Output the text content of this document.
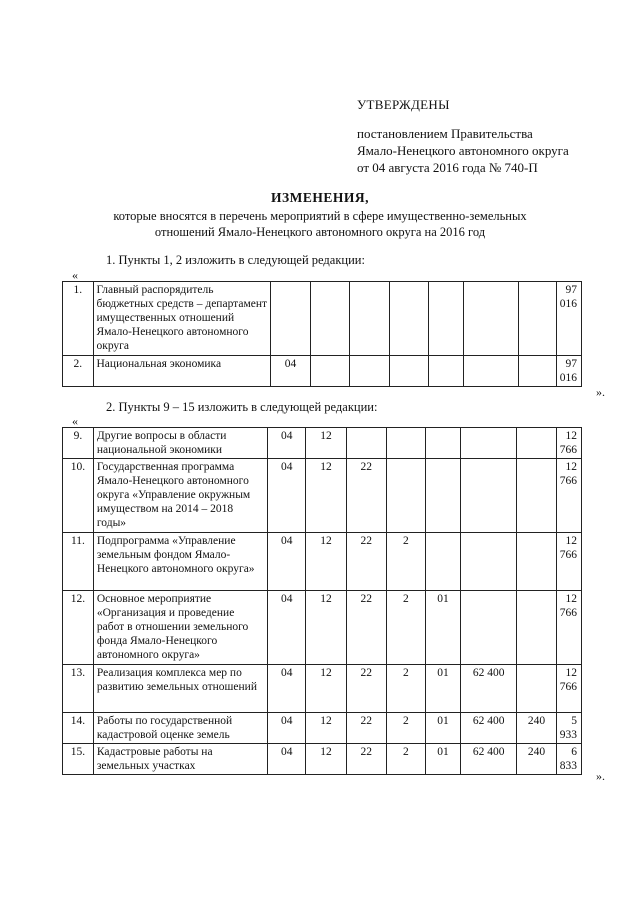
УТВЕРЖДЕНЫ
постановлением Правительства
Ямало-Ненецкого автономного округа
от 04 августа 2016 года № 740-П
ИЗМЕНЕНИЯ,
которые вносятся в перечень мероприятий в сфере имущественно-земельных
отношений Ямало-Ненецкого автономного округа на 2016 год
1. Пункты 1, 2 изложить в следующей редакции:
«
1.	Главный распорядитель бюджетных средств – департамент имущественных отношений Ямало-Ненецкого автономного округа								97 016
2.	Национальная экономика	04							97 016
».
2. Пункты 9 – 15 изложить в следующей редакции:
«
9.	Другие вопросы в области национальной экономики	04	12						12 766
10.	Государственная программа Ямало-Ненецкого автономного округа «Управление окружным имуществом на 2014 – 2018 годы»	04	12	22					12 766
11.	Подпрограмма «Управление земельным фондом Ямало-Ненецкого автономного округа»	04	12	22	2				12 766
12.	Основное мероприятие «Организация и проведение работ в отношении земельного фонда Ямало-Ненецкого автономного округа»	04	12	22	2	01			12 766
13.	Реализация комплекса мер по развитию земельных отношений	04	12	22	2	01	62 400		12 766
14.	Работы по государственной кадастровой оценке земель	04	12	22	2	01	62 400	240	5 933
15.	Кадастровые работы на земельных участках	04	12	22	2	01	62 400	240	6 833
».
